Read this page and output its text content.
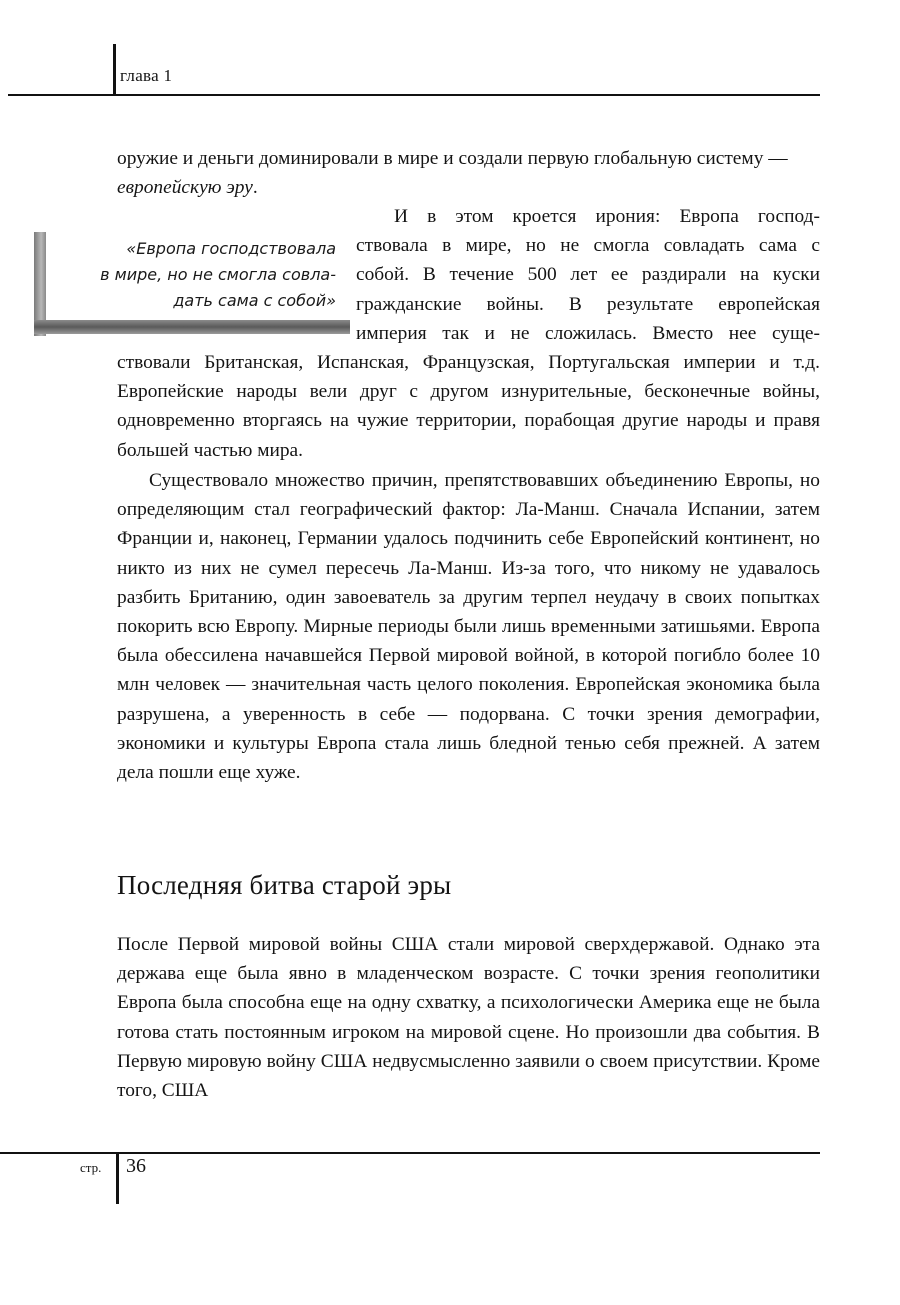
глава 1

оружие и деньги доминировали в мире и создали первую глобальную систему — европейскую эру.

«Европа господствовала
в мире, но не смогла совла-
дать сама с собой»
И в этом кроется ирония: Европа господ-
ствовала в мире, но не смогла совладать сама с
собой. В течение 500 лет ее раздирали на куски
гражданские войны. В результате европейская
империя так и не сложилась. Вместо нее суще-

ствовали Британская, Испанская, Французская, Португальская империи и т.д. Европейские народы вели друг с другом изнурительные, бесконечные войны, одновременно вторгаясь на чужие территории, порабощая другие народы и правя большей частью мира.

Существовало множество причин, препятствовавших объединению Европы, но определяющим стал географический фактор: Ла-Манш. Сначала Испании, затем Франции и, наконец, Германии удалось подчинить себе Европейский континент, но никто из них не сумел пересечь Ла-Манш. Из-за того, что никому не удавалось разбить Британию, один завоеватель за другим терпел неудачу в своих попытках покорить всю Европу. Мирные периоды были лишь временными затишьями. Европа была обессилена начавшейся Первой мировой войной, в которой погибло более 10 млн человек — значительная часть целого поколения. Европейская экономика была разрушена, а уверенность в себе — подорвана. С точки зрения демографии, экономики и культуры Европа стала лишь бледной тенью себя прежней. А затем дела пошли еще хуже.

Последняя битва старой эры

После Первой мировой войны США стали мировой сверхдержавой. Однако эта держава еще была явно в младенческом возрасте. С точки зрения геополитики Европа была способна еще на одну схватку, а психологически Америка еще не была готова стать постоянным игроком на мировой сцене. Но произошли два события. В Первую мировую войну США недвусмысленно заявили о своем присутствии. Кроме того, США

стр. 36
